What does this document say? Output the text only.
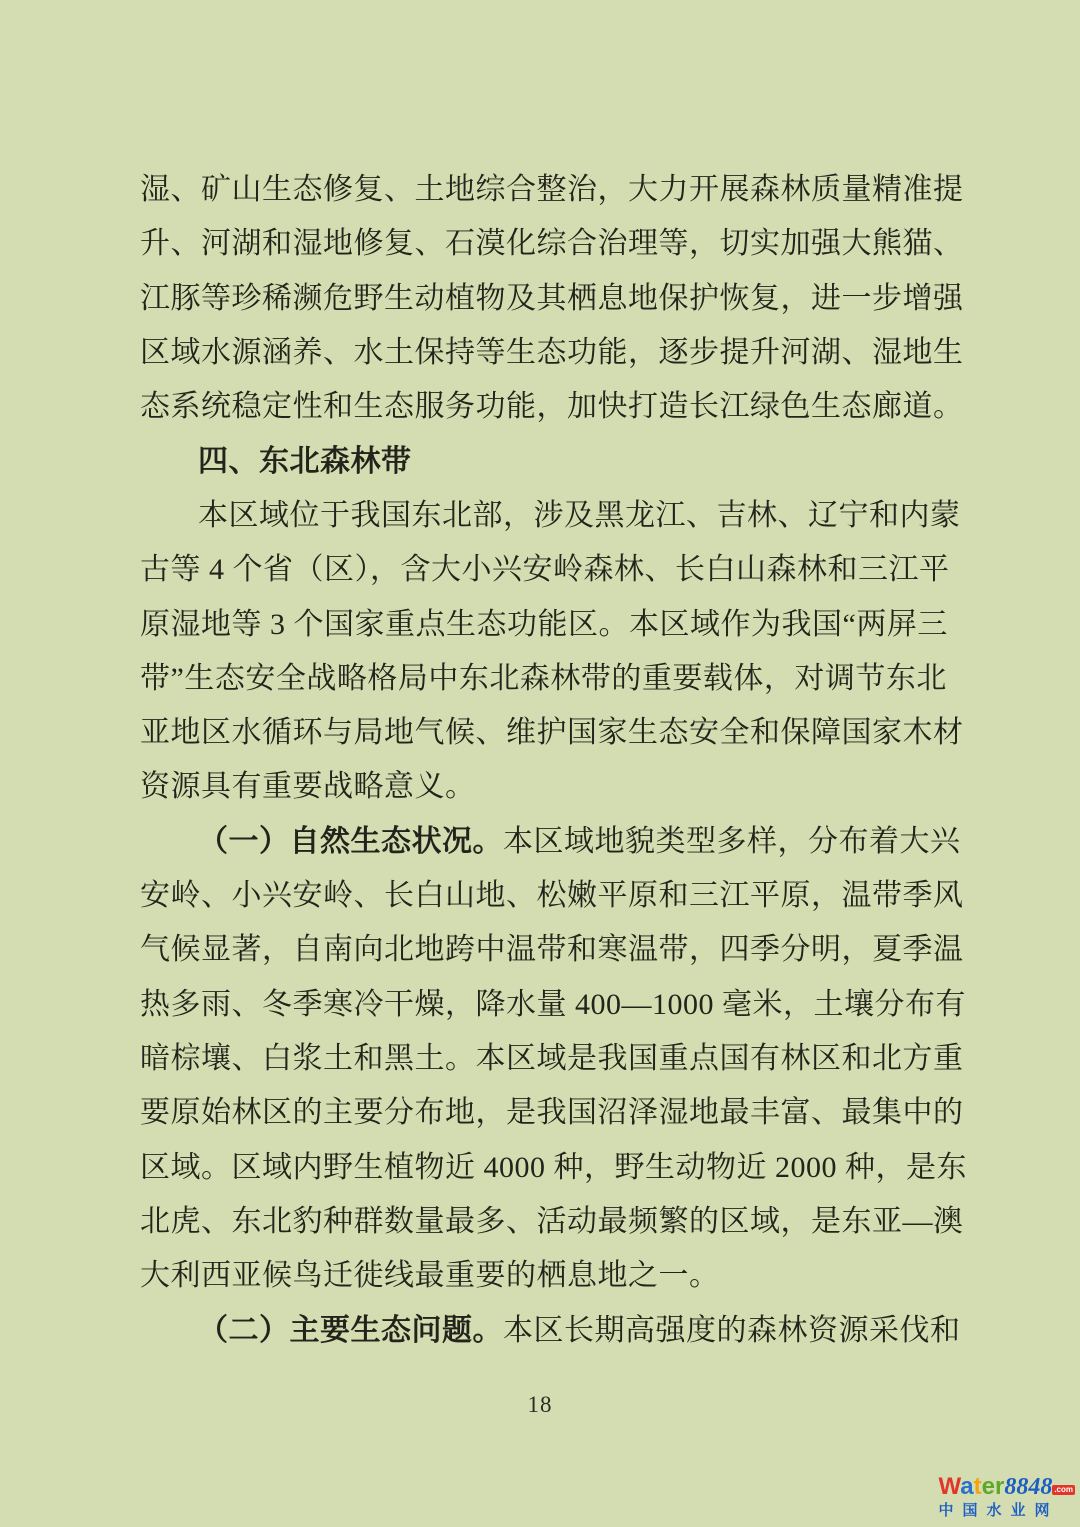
湿、矿山生态修复、土地综合整治，大力开展森林质量精准提
升、河湖和湿地修复、石漠化综合治理等，切实加强大熊猫、
江豚等珍稀濒危野生动植物及其栖息地保护恢复，进一步增强
区域水源涵养、水土保持等生态功能，逐步提升河湖、湿地生
态系统稳定性和生态服务功能，加快打造长江绿色生态廊道。
四、东北森林带
本区域位于我国东北部，涉及黑龙江、吉林、辽宁和内蒙
古等 4 个省（区），含大小兴安岭森林、长白山森林和三江平
原湿地等 3 个国家重点生态功能区。本区域作为我国“两屏三
带”生态安全战略格局中东北森林带的重要载体，对调节东北
亚地区水循环与局地气候、维护国家生态安全和保障国家木材
资源具有重要战略意义。
（一）自然生态状况。本区域地貌类型多样，分布着大兴
安岭、小兴安岭、长白山地、松嫩平原和三江平原，温带季风
气候显著，自南向北地跨中温带和寒温带，四季分明，夏季温
热多雨、冬季寒冷干燥，降水量 400—1000 毫米，土壤分布有
暗棕壤、白浆土和黑土。本区域是我国重点国有林区和北方重
要原始林区的主要分布地，是我国沼泽湿地最丰富、最集中的
区域。区域内野生植物近 4000 种，野生动物近 2000 种，是东
北虎、东北豹种群数量最多、活动最频繁的区域，是东亚—澳
大利西亚候鸟迁徙线最重要的栖息地之一。
（二）主要生态问题。本区长期高强度的森林资源采伐和
18
Water8848 .com
中国水业网
